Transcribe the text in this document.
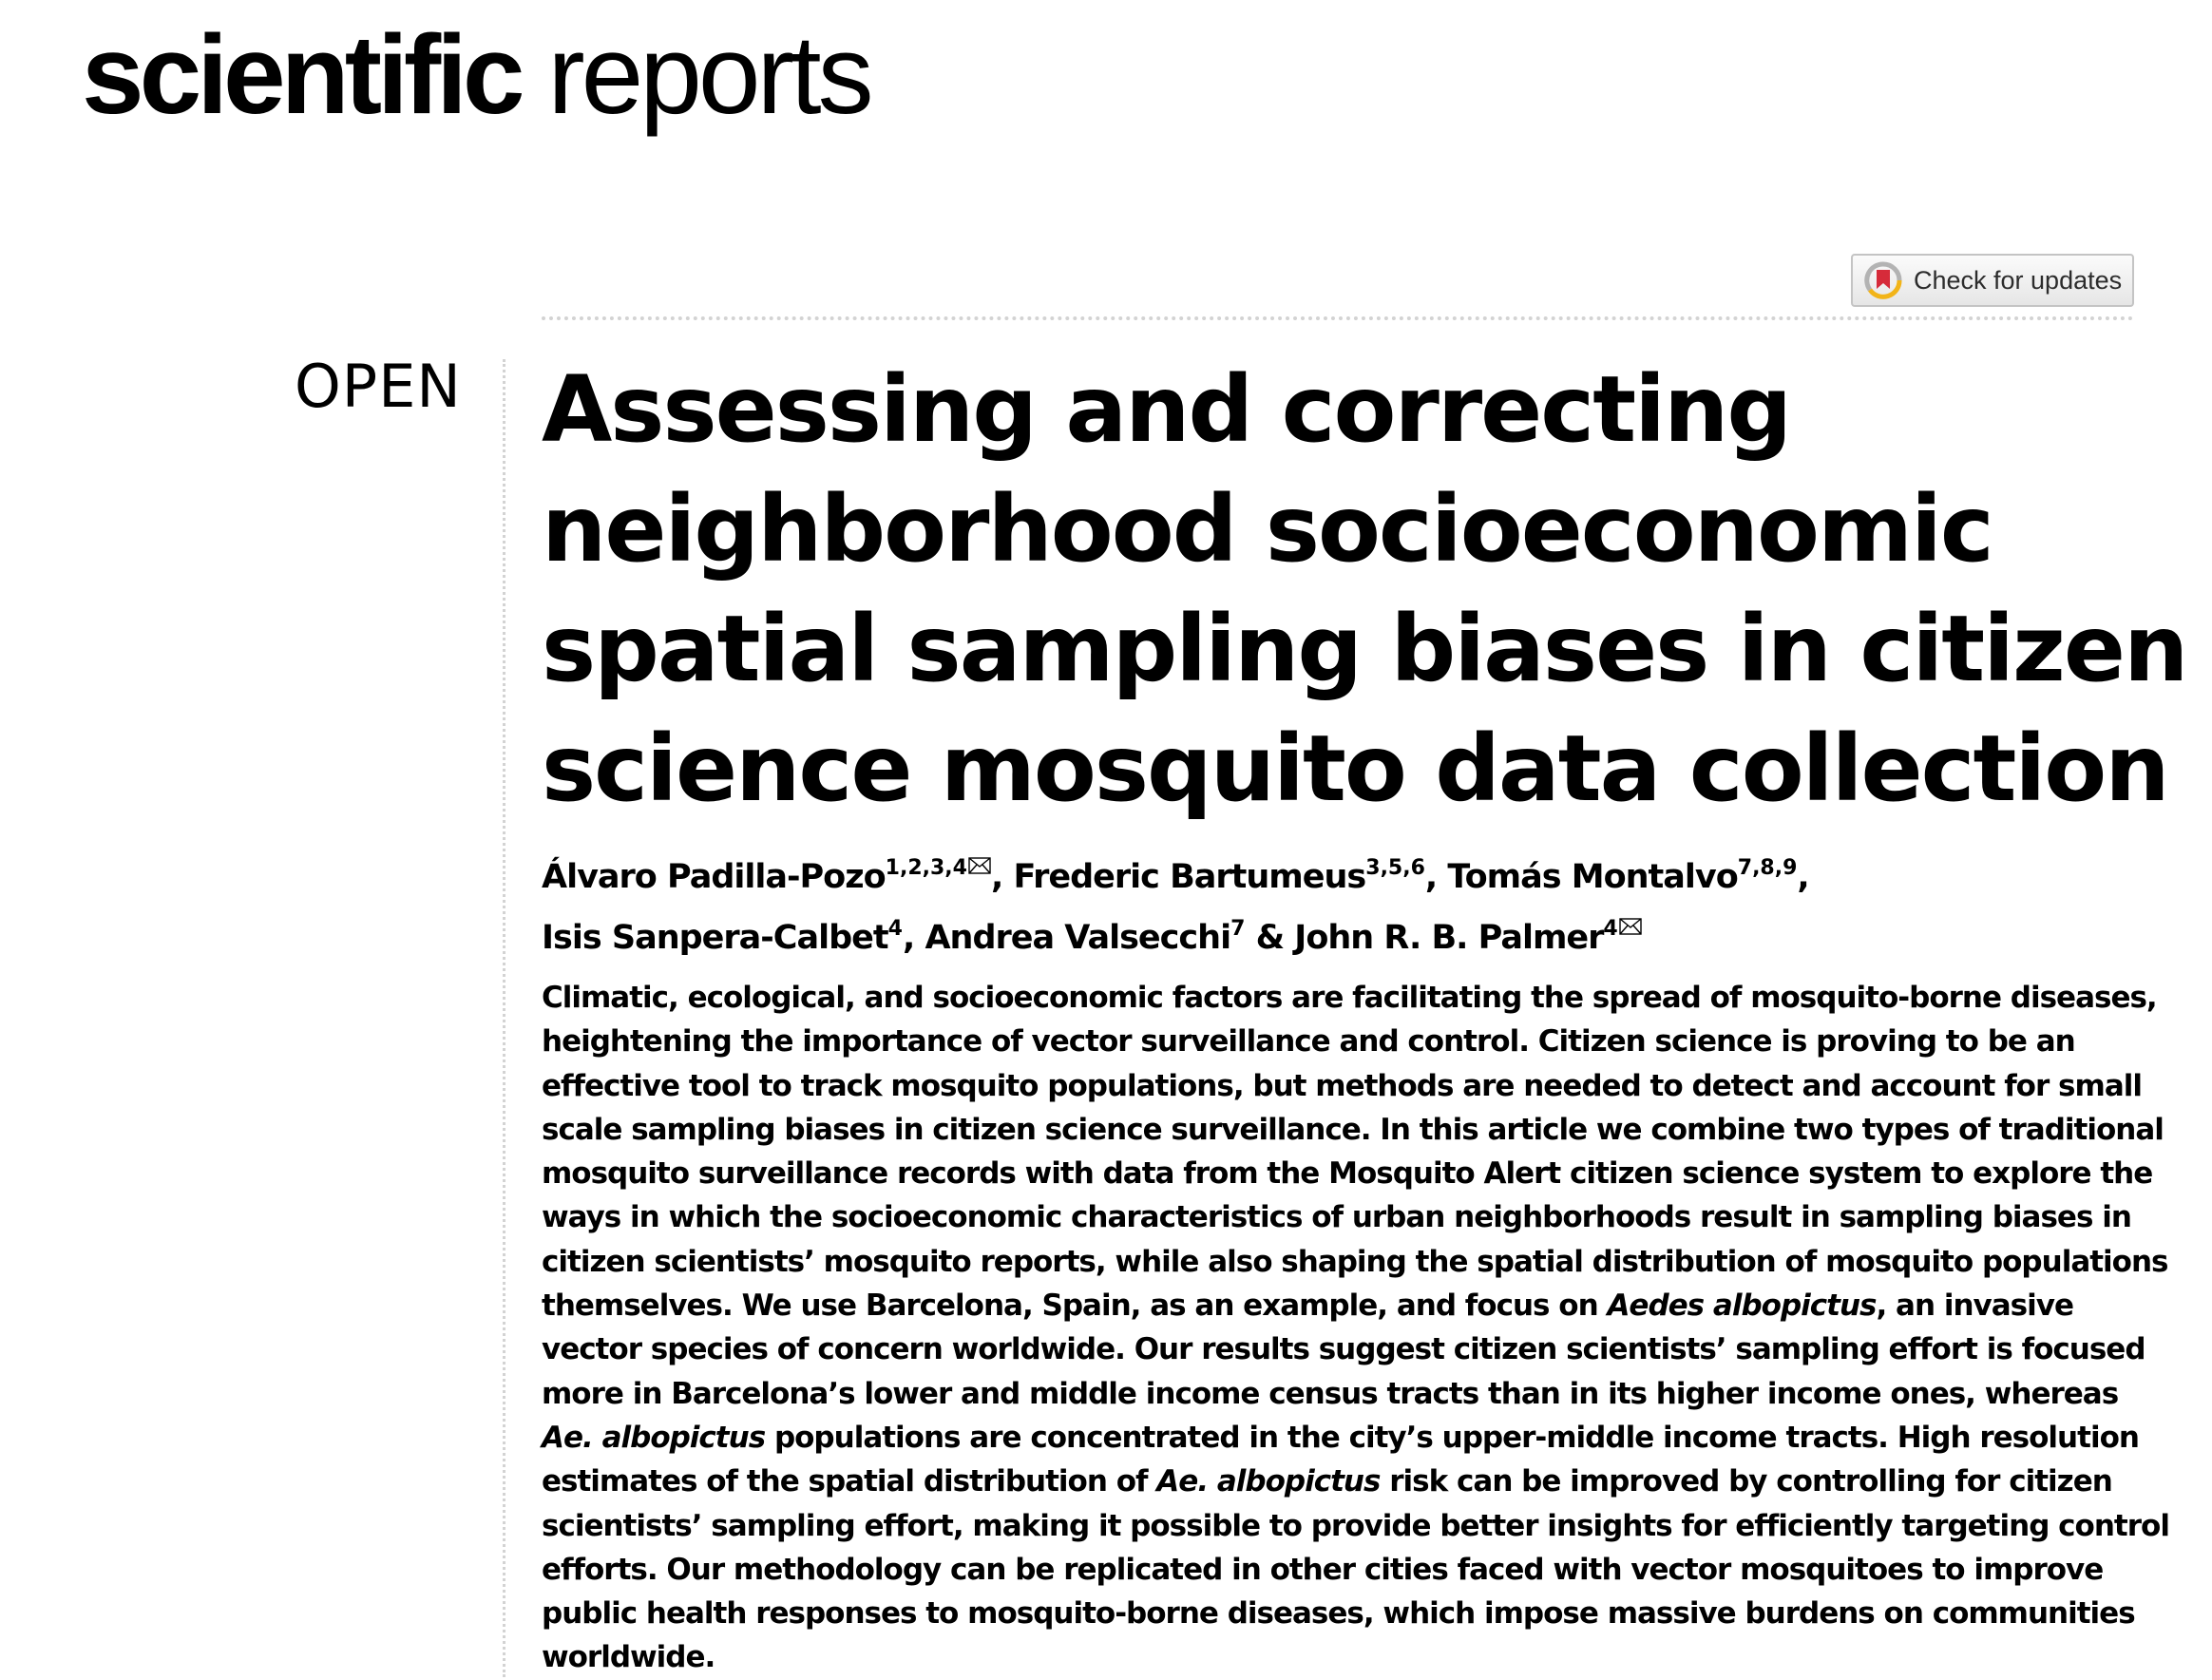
scientific reports
Check for updates
OPEN Assessing and correcting
neighborhood socioeconomic
spatial sampling biases in citizen
science mosquito data collection
Álvaro Padilla-Pozo$^{1,2,3,4}$ , Frederic Bartumeus$^{3,5,6}$, Tomás Montalvo$^{7,8,9}$,
Isis Sanpera-Calbet$^4$, Andrea Valsecchi$^7$ & John R. B. Palmer$^4$
Climatic, ecological, and socioeconomic factors are facilitating the spread of mosquito-borne diseases,
heightening the importance of vector surveillance and control. Citizen science is proving to be an
effective tool to track mosquito populations, but methods are needed to detect and account for small
scale sampling biases in citizen science surveillance. In this article we combine two types of traditional
mosquito surveillance records with data from the Mosquito Alert citizen science system to explore the
ways in which the socioeconomic characteristics of urban neighborhoods result in sampling biases in
citizen scientists’ mosquito reports, while also shaping the spatial distribution of mosquito populations
themselves. We use Barcelona, Spain, as an example, and focus on Aedes albopictus, an invasive
vector species of concern worldwide. Our results suggest citizen scientists’ sampling effort is focused
more in Barcelona’s lower and middle income census tracts than in its higher income ones, whereas
Ae. albopictus populations are concentrated in the city’s upper-middle income tracts. High resolution
estimates of the spatial distribution of Ae. albopictus risk can be improved by controlling for citizen
scientists’ sampling effort, making it possible to provide better insights for efficiently targeting control
efforts. Our methodology can be replicated in other cities faced with vector mosquitoes to improve
public health responses to mosquito-borne diseases, which impose massive burdens on communities
worldwide.
